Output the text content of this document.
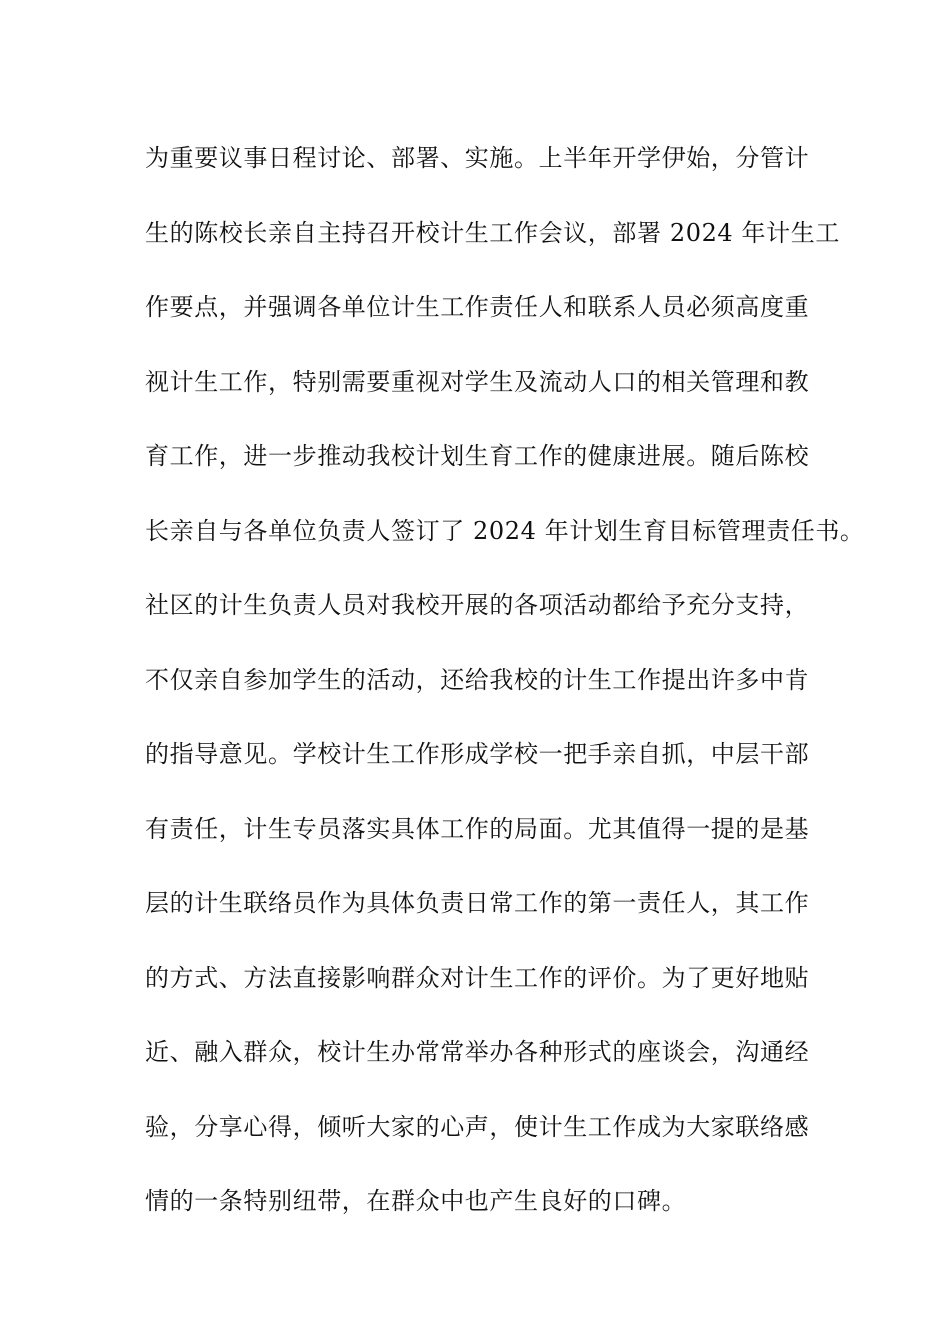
为重要议事日程讨论、部署、实施。上半年开学伊始，分管计
生的陈校长亲自主持召开校计生工作会议，部署 2024 年计生工
作要点，并强调各单位计生工作责任人和联系人员必须高度重
视计生工作，特别需要重视对学生及流动人口的相关管理和教
育工作，进一步推动我校计划生育工作的健康进展。随后陈校
长亲自与各单位负责人签订了 2024 年计划生育目标管理责任书。
社区的计生负责人员对我校开展的各项活动都给予充分支持，
不仅亲自参加学生的活动，还给我校的计生工作提出许多中肯
的指导意见。学校计生工作形成学校一把手亲自抓，中层干部
有责任，计生专员落实具体工作的局面。尤其值得一提的是基
层的计生联络员作为具体负责日常工作的第一责任人，其工作
的方式、方法直接影响群众对计生工作的评价。为了更好地贴
近、融入群众，校计生办常常举办各种形式的座谈会，沟通经
验，分享心得，倾听大家的心声，使计生工作成为大家联络感
情的一条特别纽带，在群众中也产生良好的口碑。
